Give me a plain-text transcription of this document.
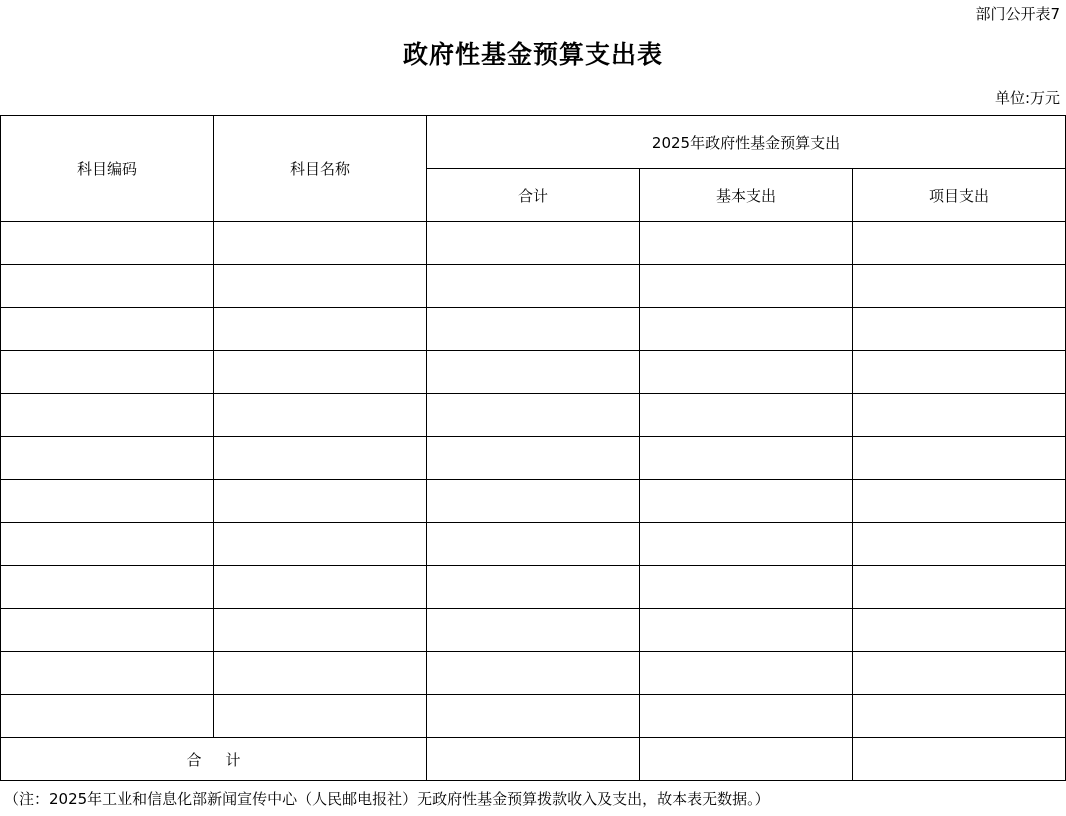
部门公开表7
政府性基金预算支出表
单位:万元
科目编码	科目名称	2025年政府性基金预算支出		
		合计	基本支出	项目支出

合 计				
（注：2025年工业和信息化部新闻宣传中心（人民邮电报社）无政府性基金预算拨款收入及支出，故本表无数据。）
